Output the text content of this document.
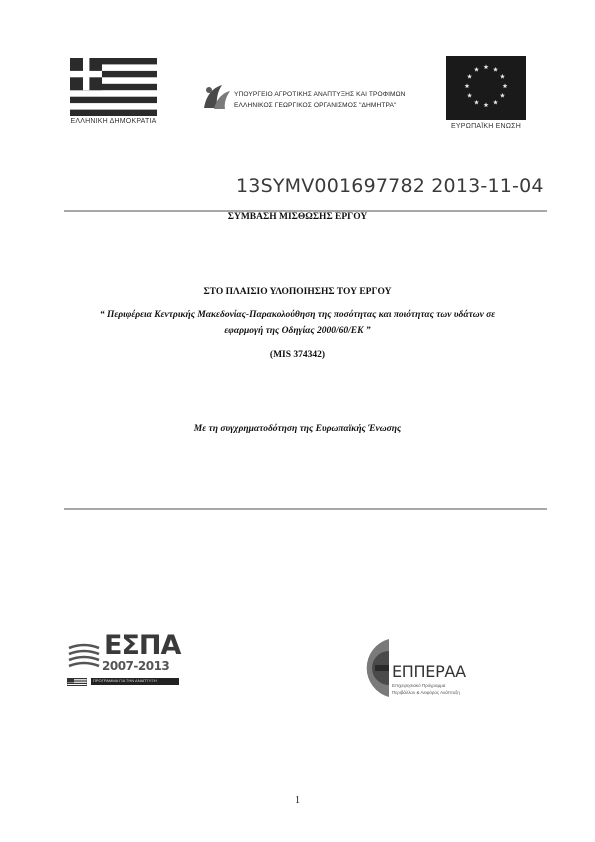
ΕΛΛΗΝΙΚΗ ΔΗΜΟΚΡΑΤΙΑ
ΥΠΟΥΡΓΕΙΟ ΑΓΡΟΤΙΚΗΣ ΑΝΑΠΤΥΞΗΣ ΚΑΙ ΤΡΟΦΙΜΩΝ
ΕΛΛΗΝΙΚΟΣ ΓΕΩΡΓΙΚΟΣ ΟΡΓΑΝΙΣΜΟΣ "ΔΗΜΗΤΡΑ"
ΕΥΡΩΠΑΪΚΗ ΕΝΩΣΗ
13SYMV001697782 2013-11-04
ΣΥΜΒΑΣΗ ΜΙΣΘΩΣΗΣ ΕΡΓΟΥ
ΣΤΟ ΠΛΑΙΣΙΟ ΥΛΟΠΟΙΗΣΗΣ ΤΟΥ ΕΡΓΟΥ
“ Περιφέρεια Κεντρικής Μακεδονίας-Παρακολούθηση της ποσότητας και ποιότητας των υδάτων σε
εφαρμογή της Οδηγίας 2000/60/ΕΚ ”
(MIS 374342)
Με τη συγχρηματοδότηση της Ευρωπαϊκής Ένωσης
ΕΣΠΑ
2007-2013
ΠΡΟΓΡΑΜΜΑ ΓΙΑ ΤΗΝ ΑΝΑΠΤΥΞΗ	ΕΠΠΕΡΑΑ
Επιχειρησιακό Πρόγραμμα
Περιβάλλον & Αειφόρος Ανάπτυξη
1
